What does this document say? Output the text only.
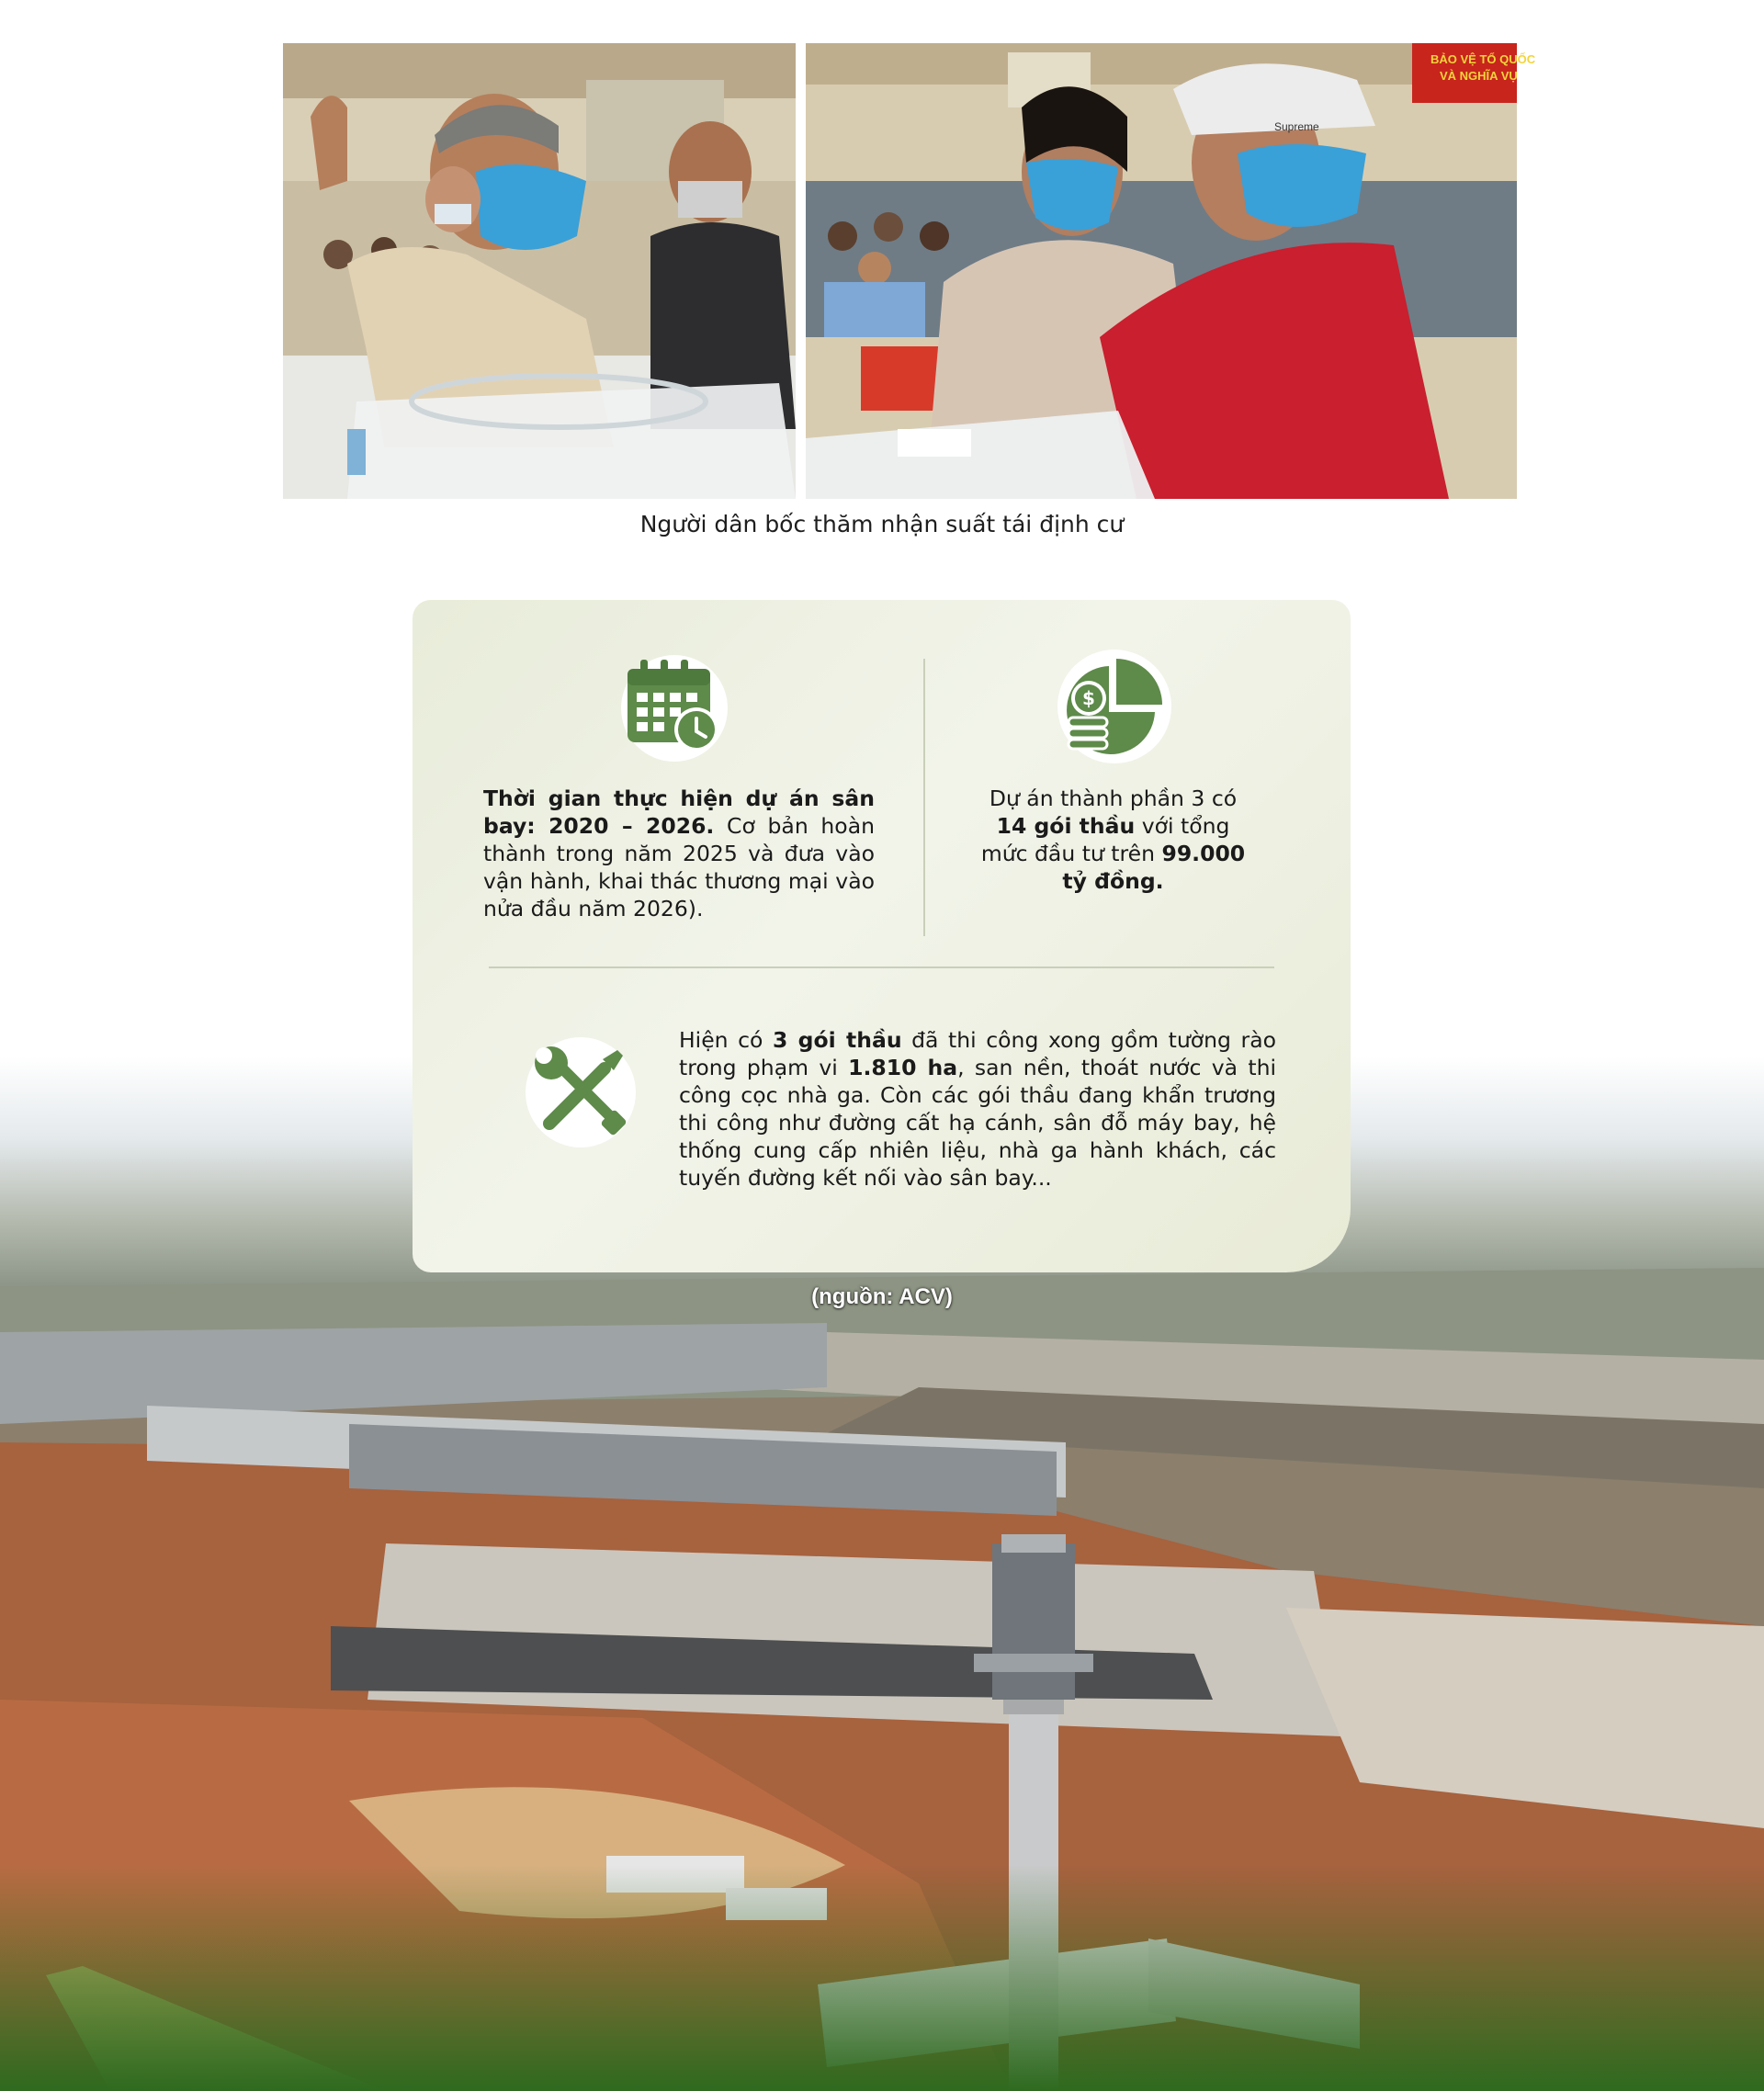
BẢO VỆ TỔ QUỐC
VÀ NGHĨA VỤ
Supreme
Người dân bốc thăm nhận suất tái định cư
$
Thời gian thực hiện dự án sân bay: 2020 – 2026. Cơ bản hoàn thành trong năm 2025 và đưa vào vận hành, khai thác thương mại vào nửa đầu năm 2026).
Dự án thành phần 3 có 14 gói thầu với tổng mức đầu tư trên 99.000 tỷ đồng.
Hiện có 3 gói thầu đã thi công xong gồm tường rào trong phạm vi 1.810 ha, san nền, thoát nước và thi công cọc nhà ga. Còn các gói thầu đang khẩn trương thi công như đường cất hạ cánh, sân đỗ máy bay, hệ thống cung cấp nhiên liệu, nhà ga hành khách, các tuyến đường kết nối vào sân bay...
(nguồn: ACV)
